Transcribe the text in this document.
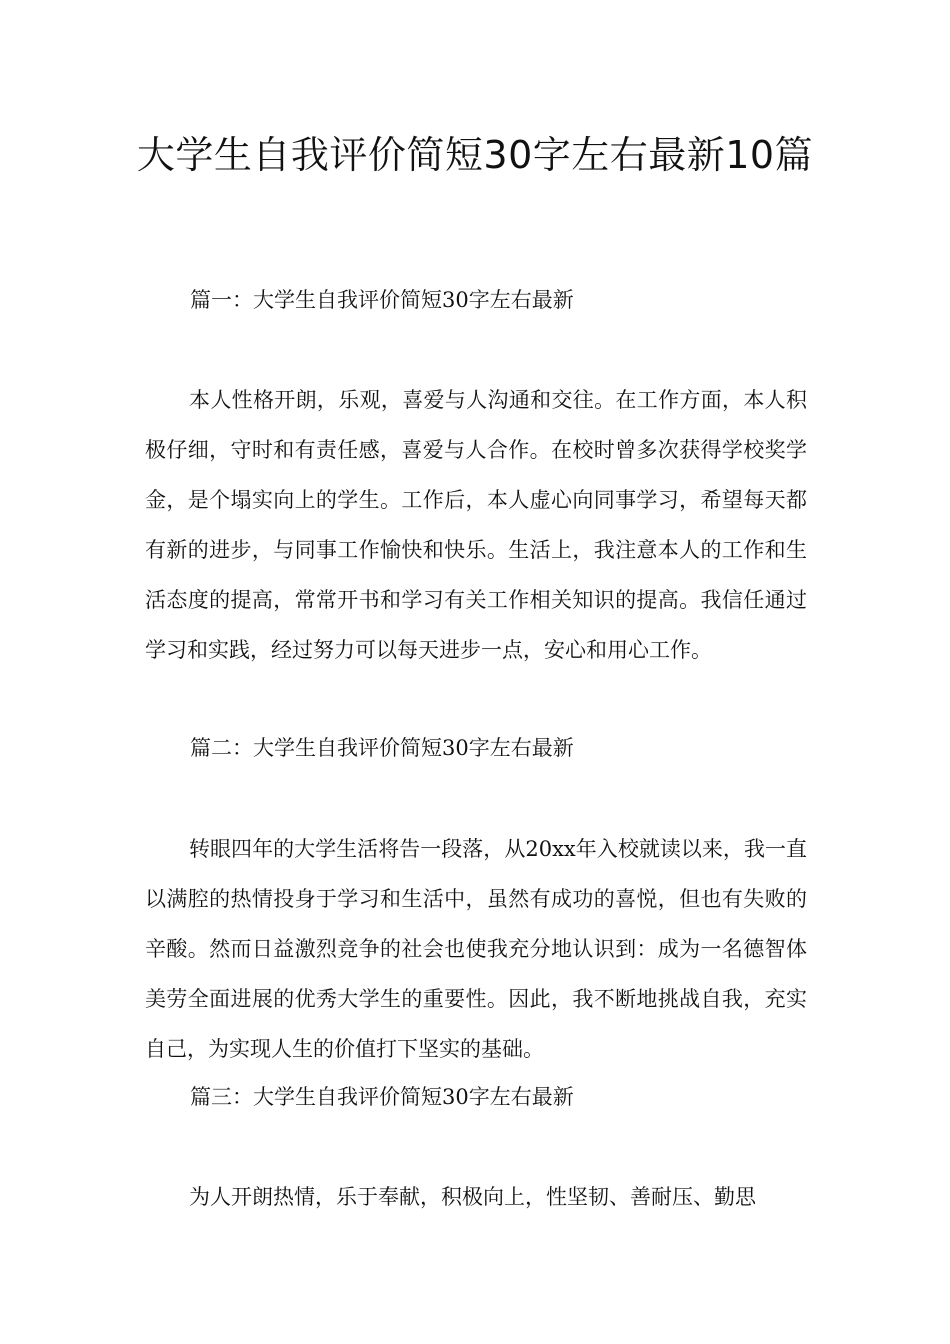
大学生自我评价简短30字左右最新10篇
篇一：大学生自我评价简短30字左右最新

本人性格开朗，乐观，喜爱与人沟通和交往。在工作方面，本人积极仔细，守时和有责任感，喜爱与人合作。在校时曾多次获得学校奖学金，是个塌实向上的学生。工作后，本人虚心向同事学习，希望每天都有新的进步，与同事工作愉快和快乐。生活上，我注意本人的工作和生活态度的提高，常常开书和学习有关工作相关知识的提高。我信任通过学习和实践，经过努力可以每天进步一点，安心和用心工作。

篇二：大学生自我评价简短30字左右最新

转眼四年的大学生活将告一段落，从20xx年入校就读以来，我一直以满腔的热情投身于学习和生活中，虽然有成功的喜悦，但也有失败的辛酸。然而日益激烈竞争的社会也使我充分地认识到：成为一名德智体美劳全面进展的优秀大学生的重要性。因此，我不断地挑战自我，充实自己，为实现人生的价值打下坚实的基础。

篇三：大学生自我评价简短30字左右最新

为人开朗热情，乐于奉献，积极向上，性坚韧、善耐压、勤思
